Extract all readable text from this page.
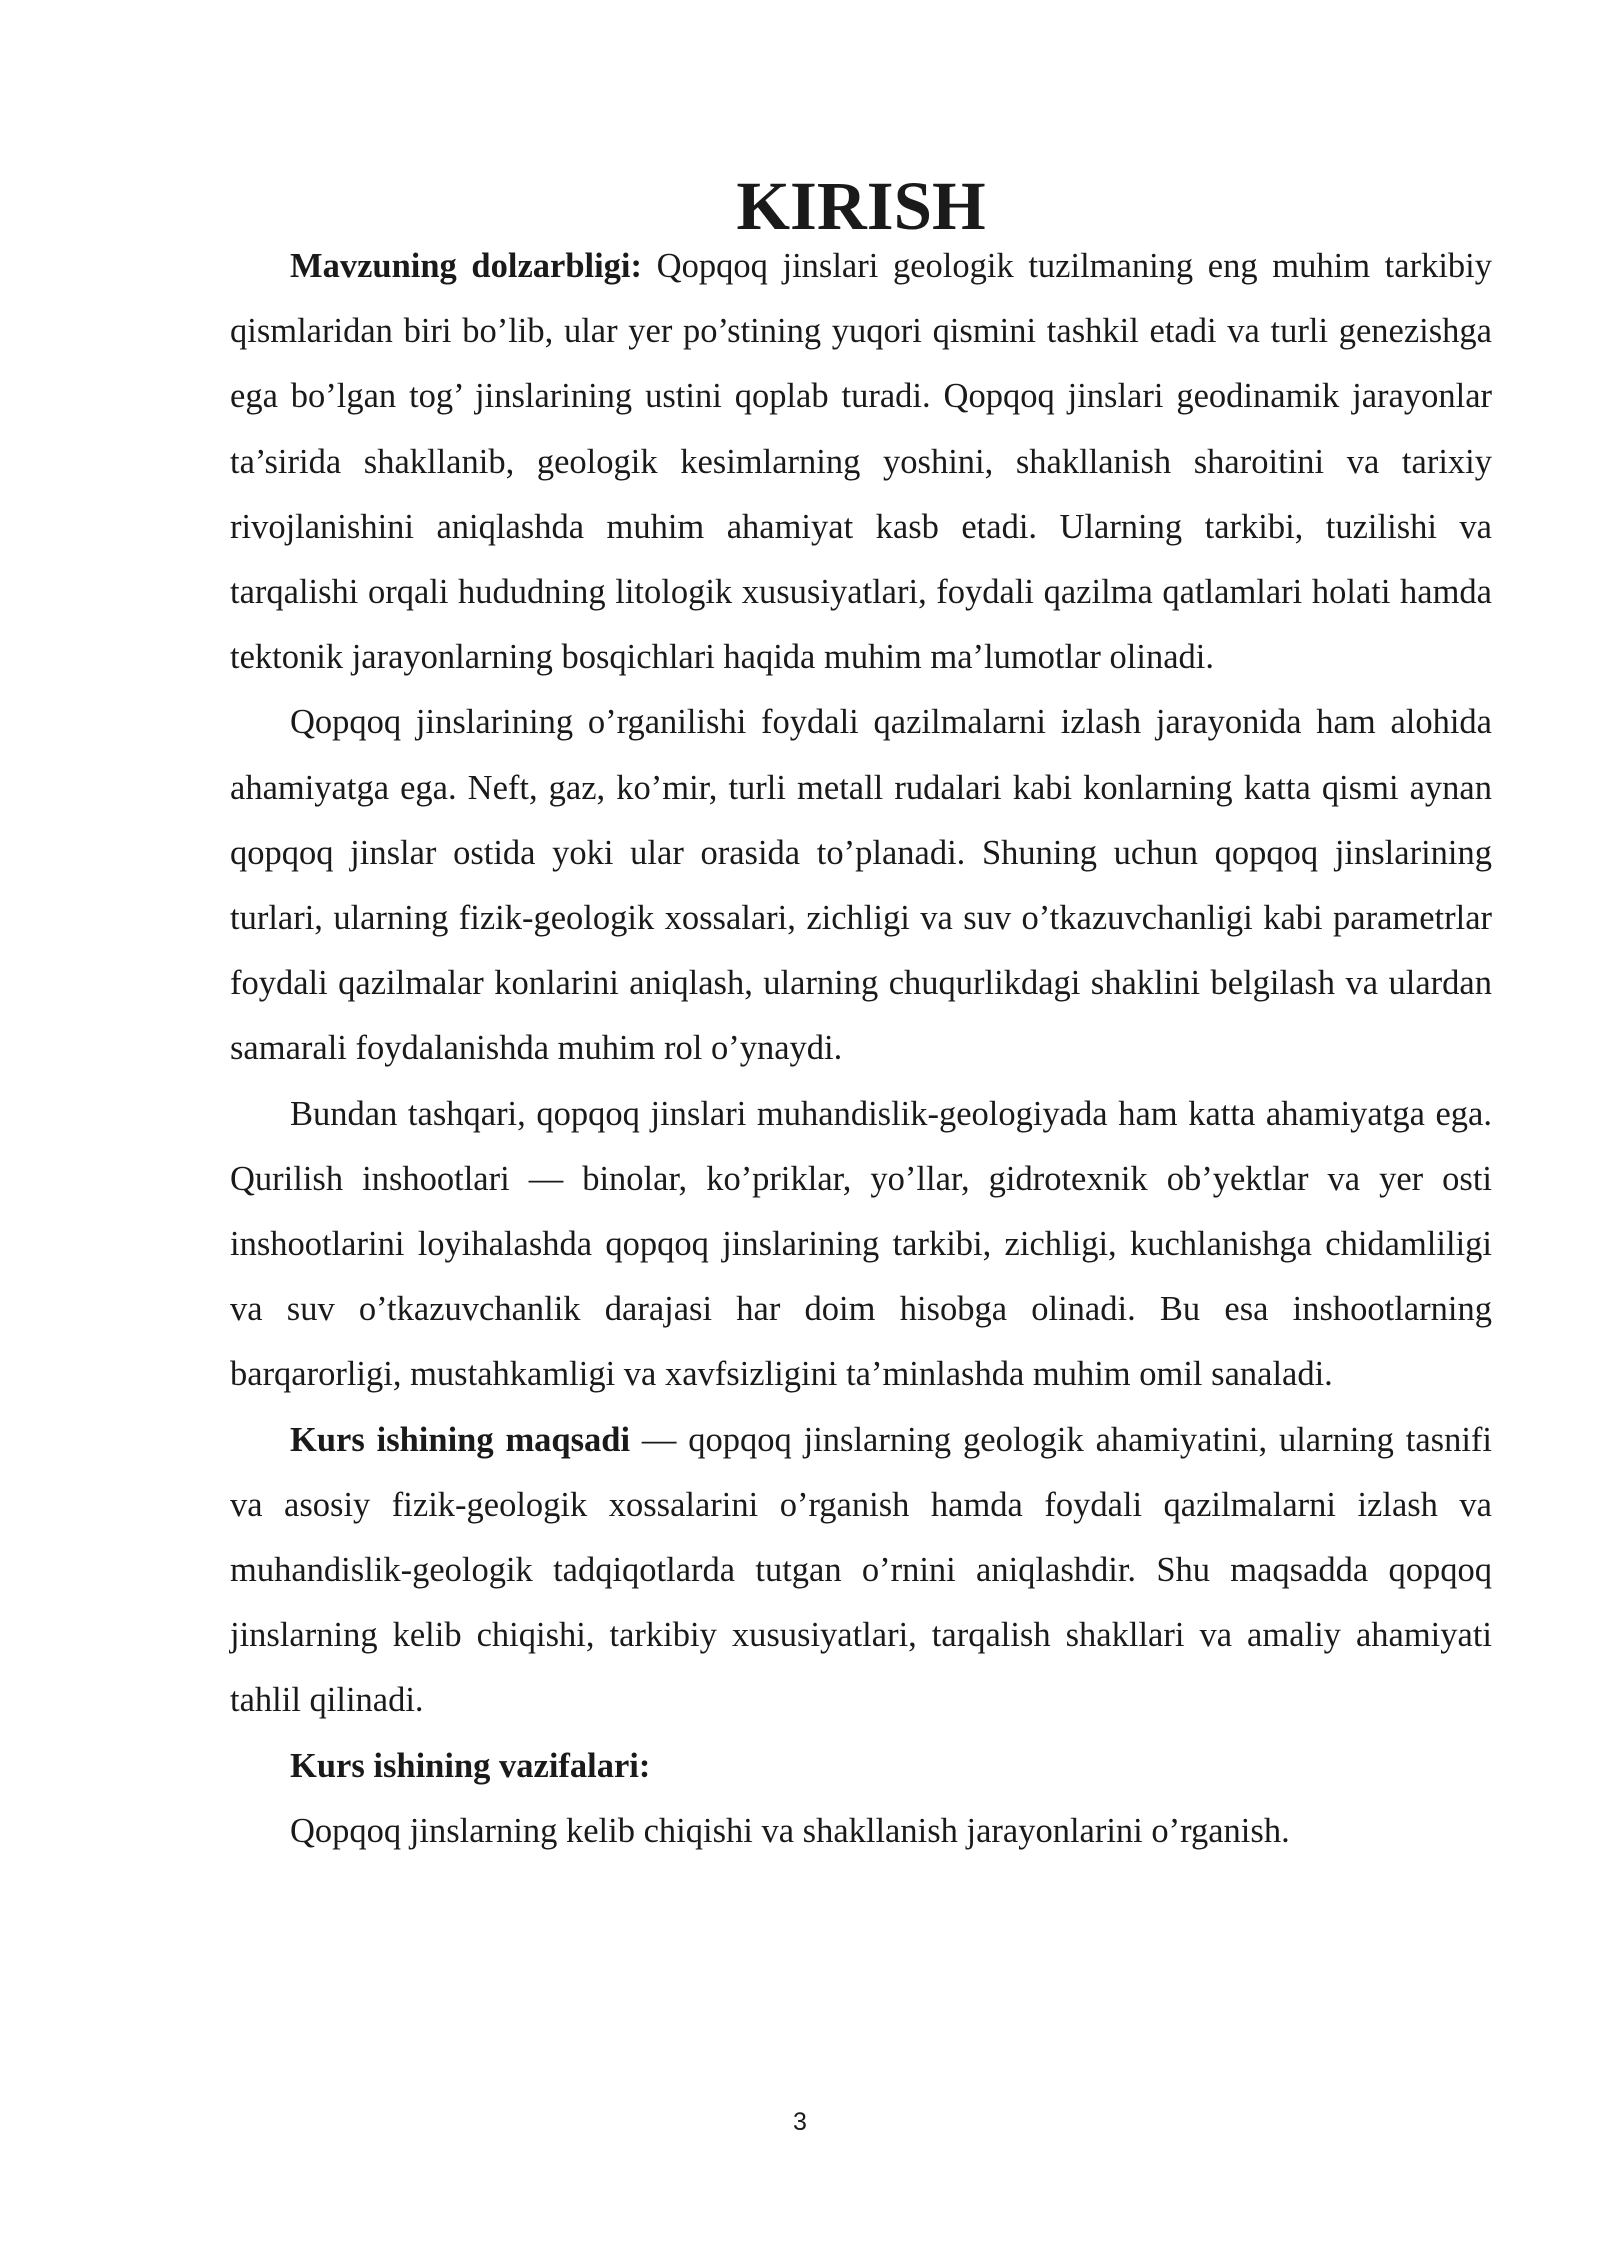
KIRISH

Mavzuning dolzarbligi: Qopqoq jinslari geologik tuzilmaning eng muhim tarkibiy qismlaridan biri bo’lib, ular yer po’stining yuqori qismini tashkil etadi va turli genezishga ega bo’lgan tog’ jinslarining ustini qoplab turadi. Qopqoq jinslari geodinamik jarayonlar ta’sirida shakllanib, geologik kesimlarning yoshini, shakllanish sharoitini va tarixiy rivojlanishini aniqlashda muhim ahamiyat kasb etadi. Ularning tarkibi, tuzilishi va tarqalishi orqali hududning litologik xususiyatlari, foydali qazilma qatlamlari holati hamda tektonik jarayonlarning bosqichlari haqida muhim ma’lumotlar olinadi.

Qopqoq jinslarining o’rganilishi foydali qazilmalarni izlash jarayonida ham alohida ahamiyatga ega. Neft, gaz, ko’mir, turli metall rudalari kabi konlarning katta qismi aynan qopqoq jinslar ostida yoki ular orasida to’planadi. Shuning uchun qopqoq jinslarining turlari, ularning fizik-geologik xossalari, zichligi va suv o’tkazuvchanligi kabi parametrlar foydali qazilmalar konlarini aniqlash, ularning chuqurlikdagi shaklini belgilash va ulardan samarali foydalanishda muhim rol o’ynaydi.

Bundan tashqari, qopqoq jinslari muhandislik-geologiyada ham katta ahamiyatga ega. Qurilish inshootlari — binolar, ko’priklar, yo’llar, gidrotexnik ob’yektlar va yer osti inshootlarini loyihalashda qopqoq jinslarining tarkibi, zichligi, kuchlanishga chidamliligi va suv o’tkazuvchanlik darajasi har doim hisobga olinadi. Bu esa inshootlarning barqarorligi, mustahkamligi va xavfsizligini ta’minlashda muhim omil sanaladi.

Kurs ishining maqsadi — qopqoq jinslarning geologik ahamiyatini, ularning tasnifi va asosiy fizik-geologik xossalarini o’rganish hamda foydali qazilmalarni izlash va muhandislik-geologik tadqiqotlarda tutgan o’rnini aniqlashdir. Shu maqsadda qopqoq jinslarning kelib chiqishi, tarkibiy xususiyatlari, tarqalish shakllari va amaliy ahamiyati tahlil qilinadi.

Kurs ishining vazifalari:

Qopqoq jinslarning kelib chiqishi va shakllanish jarayonlarini o’rganish.

3
